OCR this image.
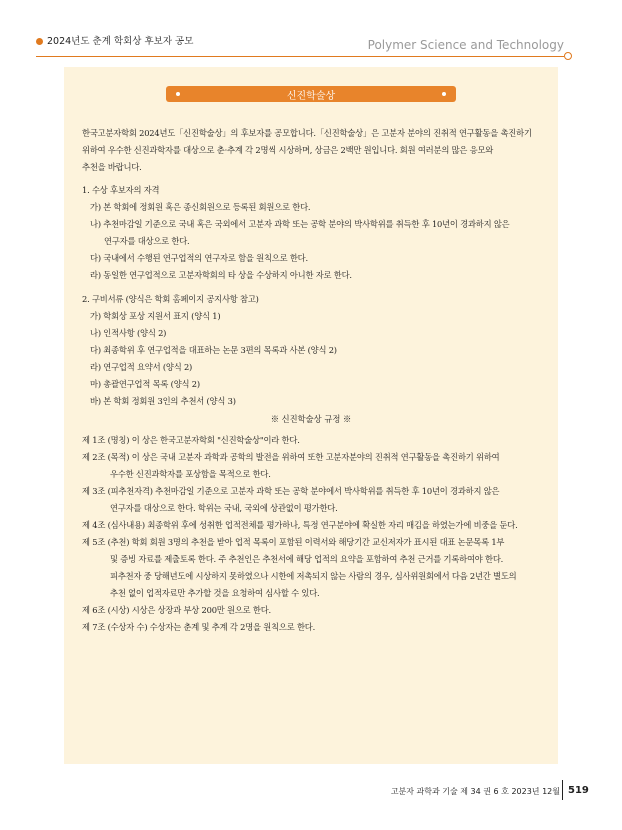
2024년도 춘계 학회상 후보자 공모	Polymer Science and Technology
신진학술상
한국고분자학회 2024년도「신진학술상」의 후보자를 공모합니다.「신진학술상」은 고분자 분야의 진취적 연구활동을 촉진하기
위하여 우수한 신진과학자를 대상으로 춘·추계 각 2명씩 시상하며, 상금은 2백만 원입니다. 회원 여러분의 많은 응모와
추천을 바랍니다.
1. 수상 후보자의 자격
가) 본 학회에 정회원 혹은 종신회원으로 등록된 회원으로 한다.
나) 추천마감일 기준으로 국내 혹은 국외에서 고분자 과학 또는 공학 분야의 박사학위를 취득한 후 10년이 경과하지 않은
연구자를 대상으로 한다.
다) 국내에서 수행된 연구업적의 연구자로 함을 원칙으로 한다.
라) 동일한 연구업적으로 고분자학회의 타 상을 수상하지 아니한 자로 한다.
2. 구비서류 (양식은 학회 홈페이지 공지사항 참고)
가) 학회상 포상 지원서 표지 (양식 1)
나) 인적사항 (양식 2)
다) 최종학위 후 연구업적을 대표하는 논문 3편의 목록과 사본 (양식 2)
라) 연구업적 요약서 (양식 2)
마) 총괄연구업적 목록 (양식 2)
바) 본 학회 정회원 3인의 추천서 (양식 3)
※ 신진학술상 규정 ※
제 1조 (명칭) 이 상은 한국고분자학회 "신진학술상"이라 한다.
제 2조 (목적) 이 상은 국내 고분자 과학과 공학의 발전을 위하여 또한 고분자분야의 진취적 연구활동을 촉진하기 위하여
우수한 신진과학자를 포상함을 목적으로 한다.
제 3조 (피추천자격) 추천마감일 기준으로 고분자 과학 또는 공학 분야에서 박사학위를 취득한 후 10년이 경과하지 않은
연구자를 대상으로 한다. 학위는 국내, 국외에 상관없이 평가한다.
제 4조 (심사내용) 최종학위 후에 성취한 업적전체를 평가하나, 특정 연구분야에 확실한 자리 매김을 하였는가에 비중을 둔다.
제 5조 (추천) 학회 회원 3명의 추천을 받아 업적 목록이 포함된 이력서와 해당기간 교신저자가 표시된 대표 논문목록 1부
및 증빙 자료를 제출토록 한다. 주 추천인은 추천서에 해당 업적의 요약을 포함하여 추천 근거를 기록하여야 한다.
피추천자 중 당해년도에 시상하지 못하였으나 시한에 저촉되지 않는 사람의 경우, 심사위원회에서 다음 2년간 별도의
추천 없이 업적자료만 추가할 것을 요청하여 심사할 수 있다.
제 6조 (시상) 시상은 상장과 부상 200만 원으로 한다.
제 7조 (수상자 수) 수상자는 춘계 및 추계 각 2명을 원칙으로 한다.
고분자 과학과 기술 제 34 권 6 호 2023년 12월 519
